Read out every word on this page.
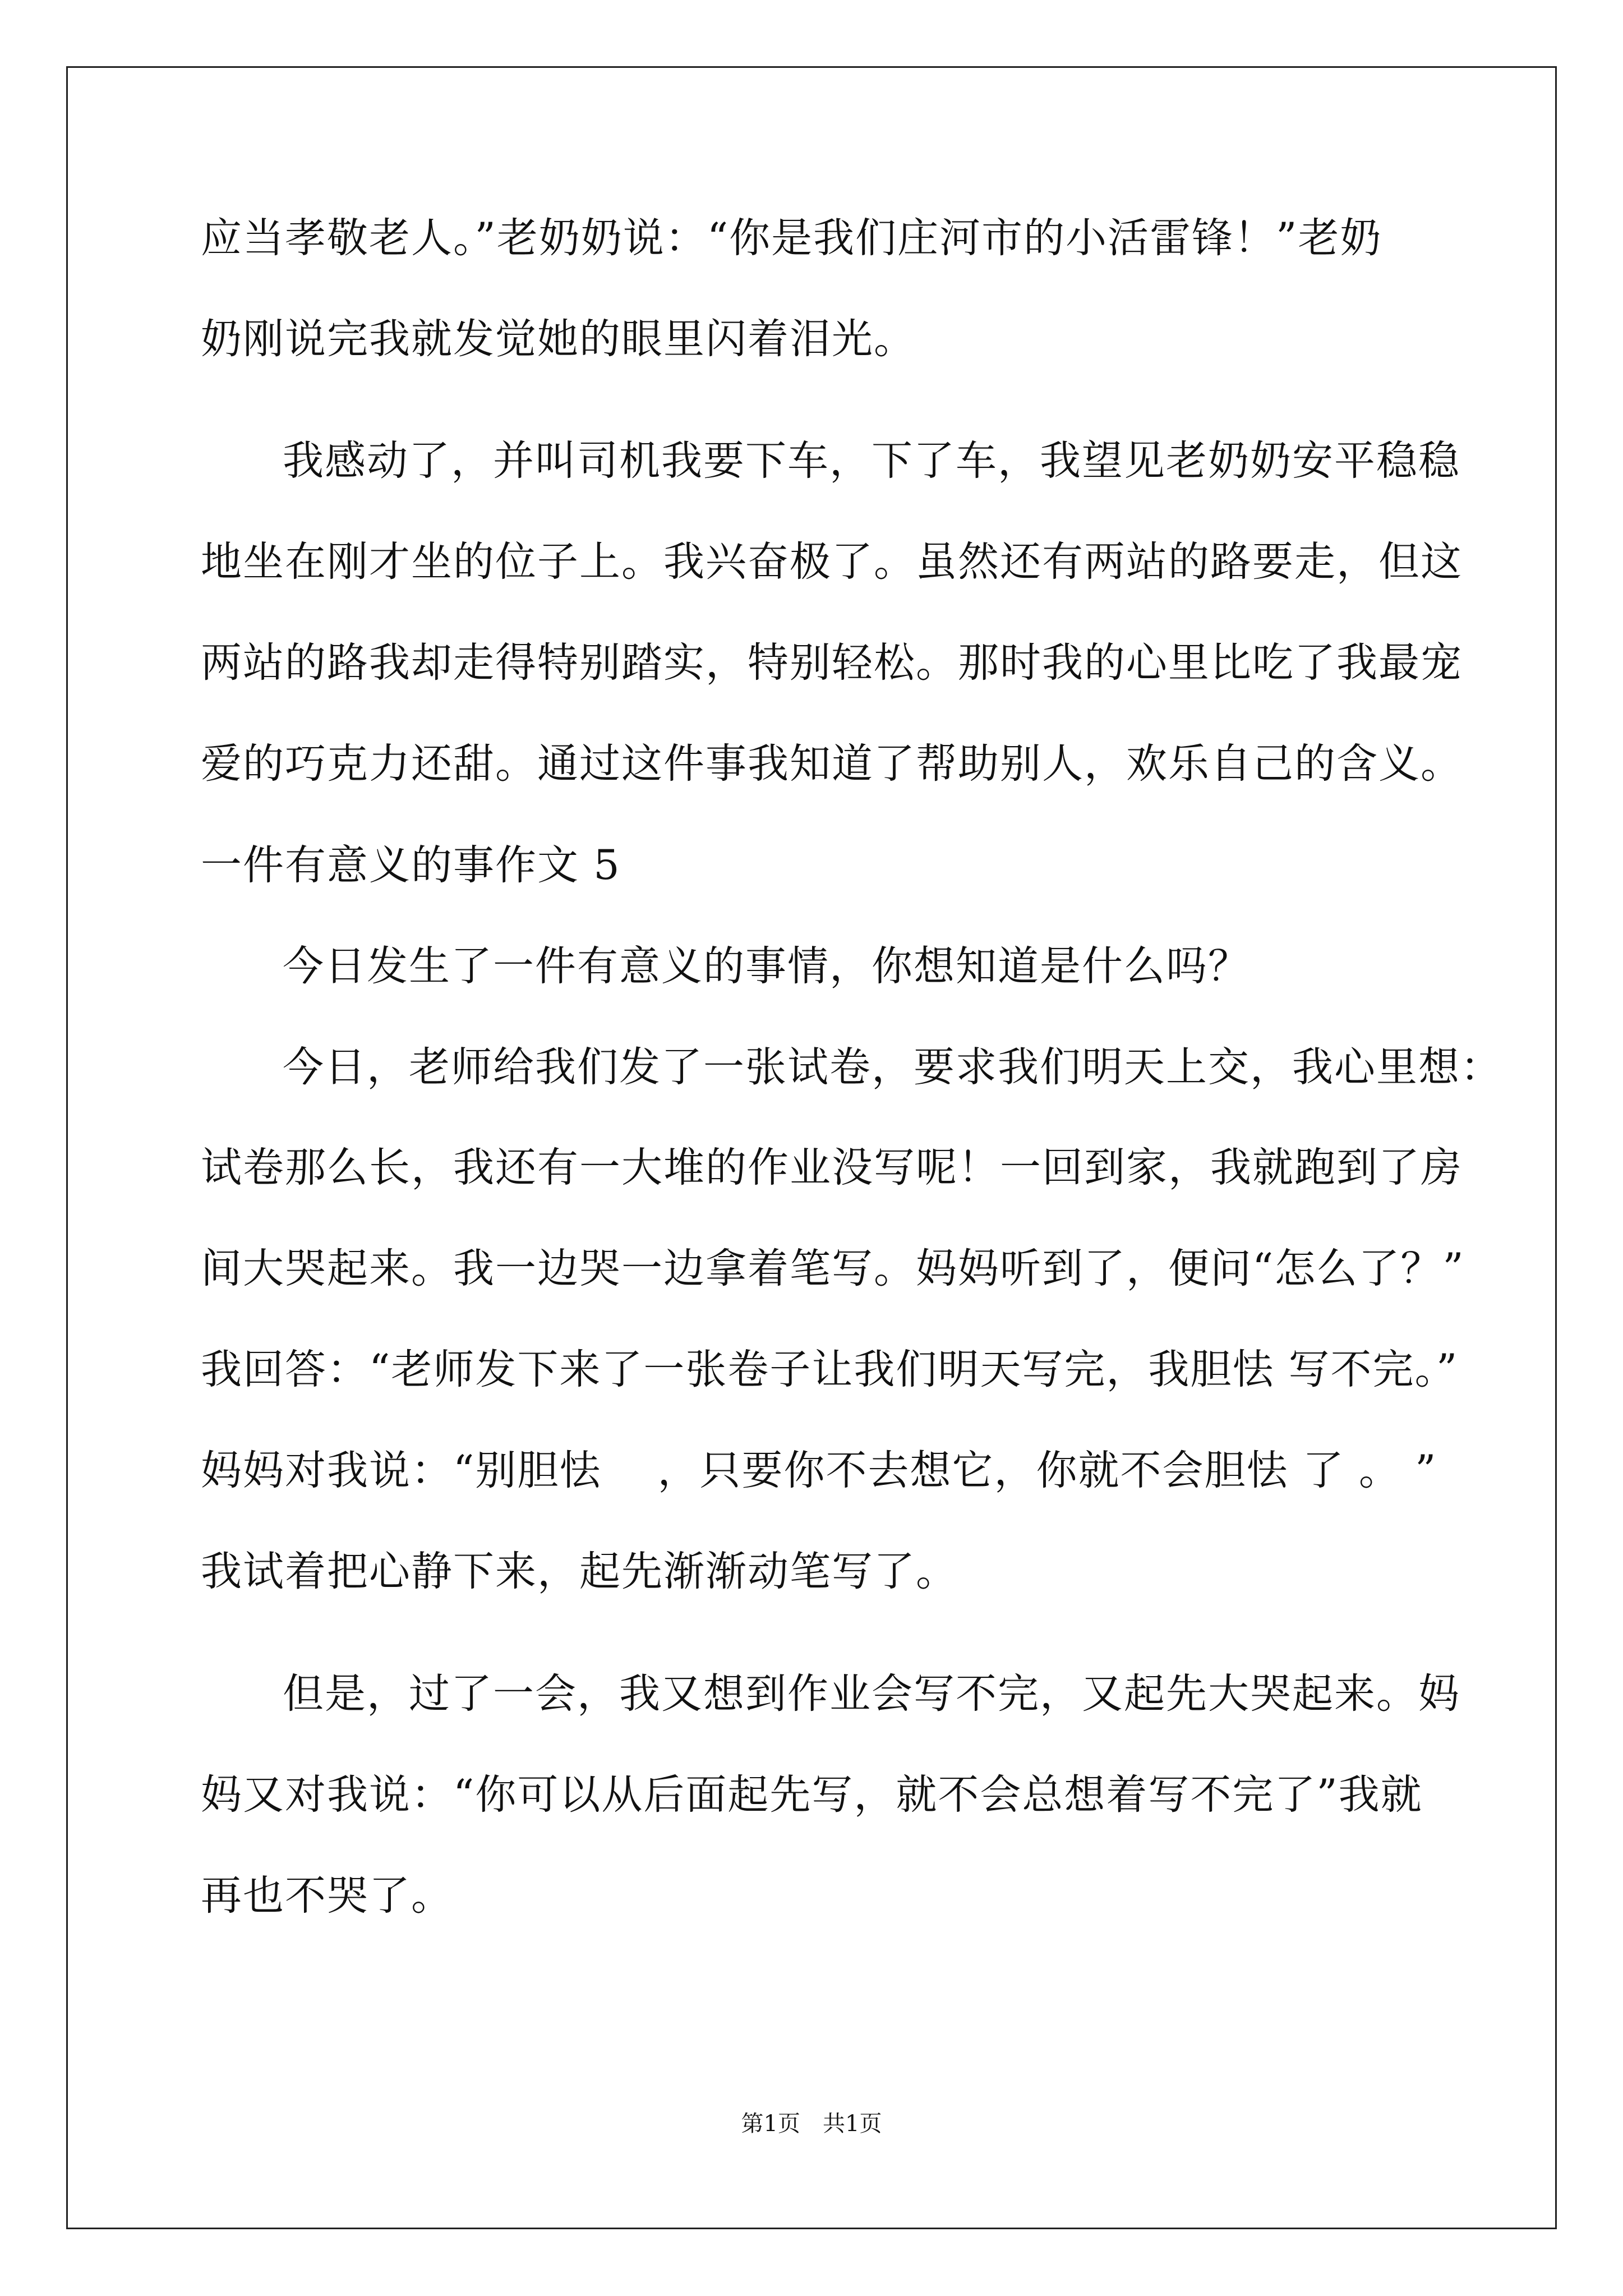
应当孝敬老人。”老奶奶说：“你是我们庄河市的小活雷锋！”老奶
奶刚说完我就发觉她的眼里闪着泪光。
我感动了，并叫司机我要下车，下了车，我望见老奶奶安平稳稳
地坐在刚才坐的位子上。我兴奋极了。虽然还有两站的路要走，但这
两站的路我却走得特别踏实，特别轻松。那时我的心里比吃了我最宠
爱的巧克力还甜。通过这件事我知道了帮助别人，欢乐自己的含义。
一件有意义的事作文 5
今日发生了一件有意义的事情，你想知道是什么吗？
今日，老师给我们发了一张试卷，要求我们明天上交，我心里想：
试卷那么长，我还有一大堆的作业没写呢！一回到家，我就跑到了房
间大哭起来。我一边哭一边拿着笔写。妈妈听到了，便问“怎么了？”
我回答：“老师发下来了一张卷子让我们明天写完，我胆怯 写不完。”
妈妈对我说：“别胆怯　 ，只要你不去想它，你就不会胆怯 了 。 ”
我试着把心静下来，起先渐渐动笔写了。
但是，过了一会，我又想到作业会写不完，又起先大哭起来。妈
妈又对我说：“你可以从后面起先写，就不会总想着写不完了”我就
再也不哭了。
第1页　共1页
